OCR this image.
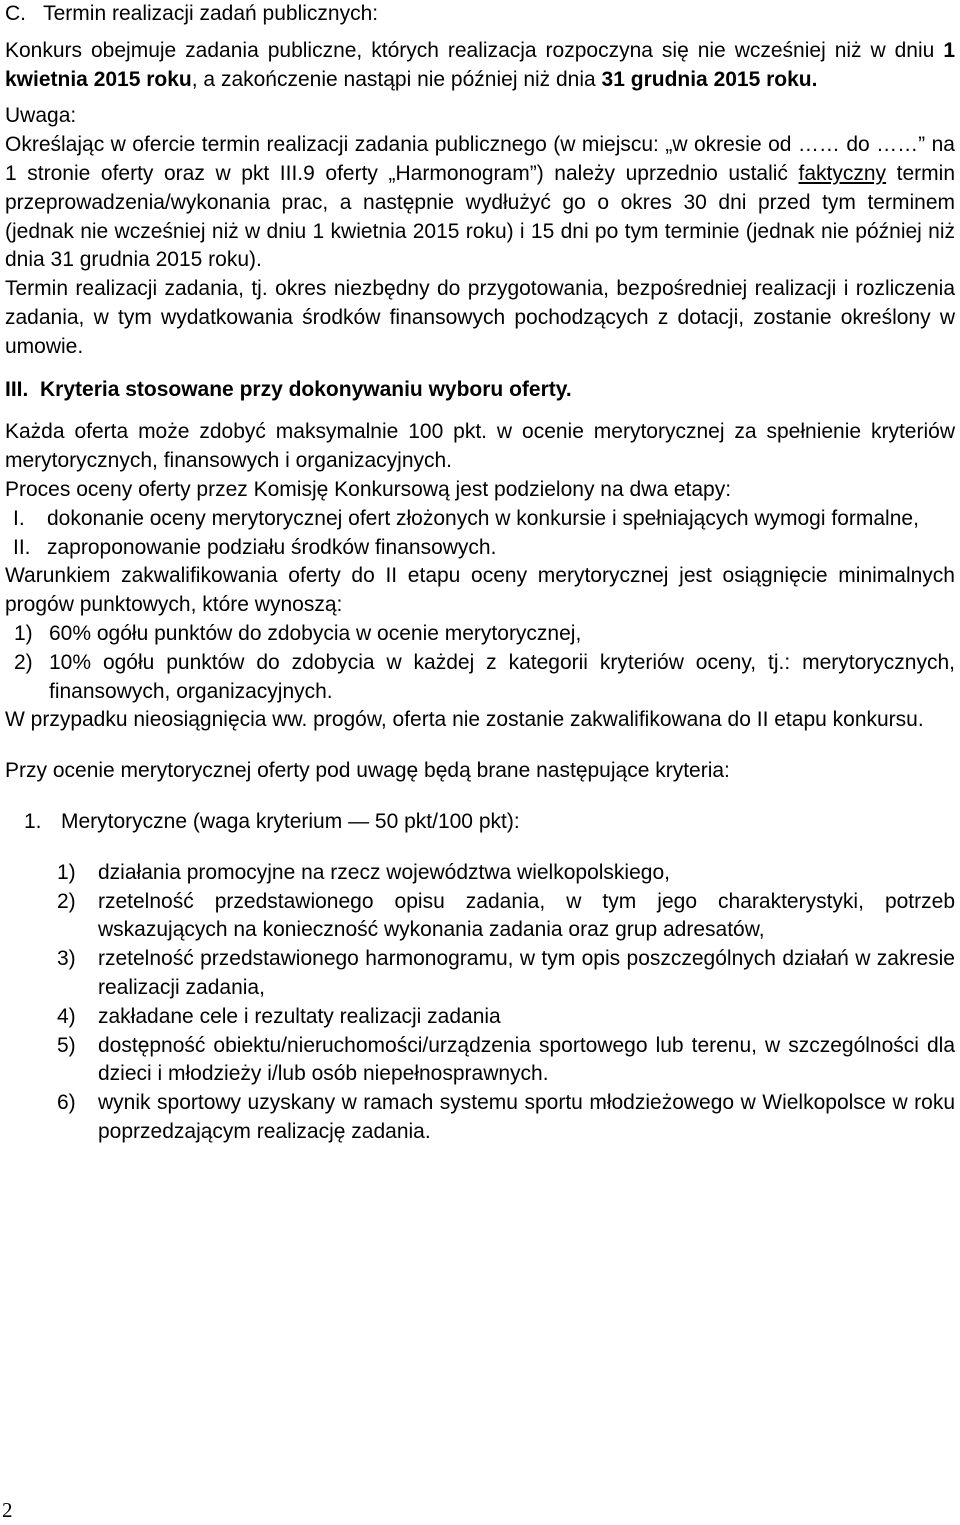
C.   Termin realizacji zadań publicznych:

Konkurs obejmuje zadania publiczne, których realizacja rozpoczyna się nie wcześniej niż w dniu 1 kwietnia 2015 roku, a zakończenie nastąpi nie później niż dnia 31 grudnia 2015 roku.

Uwaga:

Określając w ofercie termin realizacji zadania publicznego (w miejscu: „w okresie od …… do ……” na 1 stronie oferty oraz w pkt III.9 oferty „Harmonogram”) należy uprzednio ustalić faktyczny termin przeprowadzenia/wykonania prac, a następnie wydłużyć go o okres 30 dni przed tym terminem (jednak nie wcześniej niż w dniu 1 kwietnia 2015 roku) i 15 dni po tym terminie (jednak nie później niż dnia 31 grudnia 2015 roku).

Termin realizacji zadania, tj. okres niezbędny do przygotowania, bezpośredniej realizacji i rozliczenia zadania, w tym wydatkowania środków finansowych pochodzących z dotacji, zostanie określony w umowie.

III. Kryteria stosowane przy dokonywaniu wyboru oferty.

Każda oferta może zdobyć maksymalnie 100 pkt. w ocenie merytorycznej za spełnienie kryteriów merytorycznych, finansowych i organizacyjnych.

Proces oceny oferty przez Komisję Konkursową jest podzielony na dwa etapy:

I.	dokonanie oceny merytorycznej ofert złożonych w konkursie i spełniających wymogi formalne,
II. zaproponowanie podziału środków finansowych.

Warunkiem zakwalifikowania oferty do II etapu oceny merytorycznej jest osiągnięcie minimalnych progów punktowych, które wynoszą:

1) 60% ogółu punktów do zdobycia w ocenie merytorycznej,
2) 10% ogółu punktów do zdobycia w każdej z kategorii kryteriów oceny, tj.: merytorycznych, finansowych, organizacyjnych.

W przypadku nieosiągnięcia ww. progów, oferta nie zostanie zakwalifikowana do II etapu konkursu.

Przy ocenie merytorycznej oferty pod uwagę będą brane następujące kryteria:

1. Merytoryczne (waga kryterium — 50 pkt/100 pkt):
1)	działania promocyjne na rzecz województwa wielkopolskiego,
2)	rzetelność przedstawionego opisu zadania, w tym jego charakterystyki, potrzeb wskazujących na konieczność wykonania zadania oraz grup adresatów,
3)	rzetelność przedstawionego harmonogramu, w tym opis poszczególnych działań w zakresie realizacji zadania,
4)	zakładane cele i rezultaty realizacji zadania
5)	dostępność obiektu/nieruchomości/urządzenia sportowego lub terenu, w szczególności dla dzieci i młodzieży i/lub osób niepełnosprawnych.
6)	wynik sportowy uzyskany w ramach systemu sportu młodzieżowego w Wielkopolsce w roku poprzedzającym realizację zadania.
2
